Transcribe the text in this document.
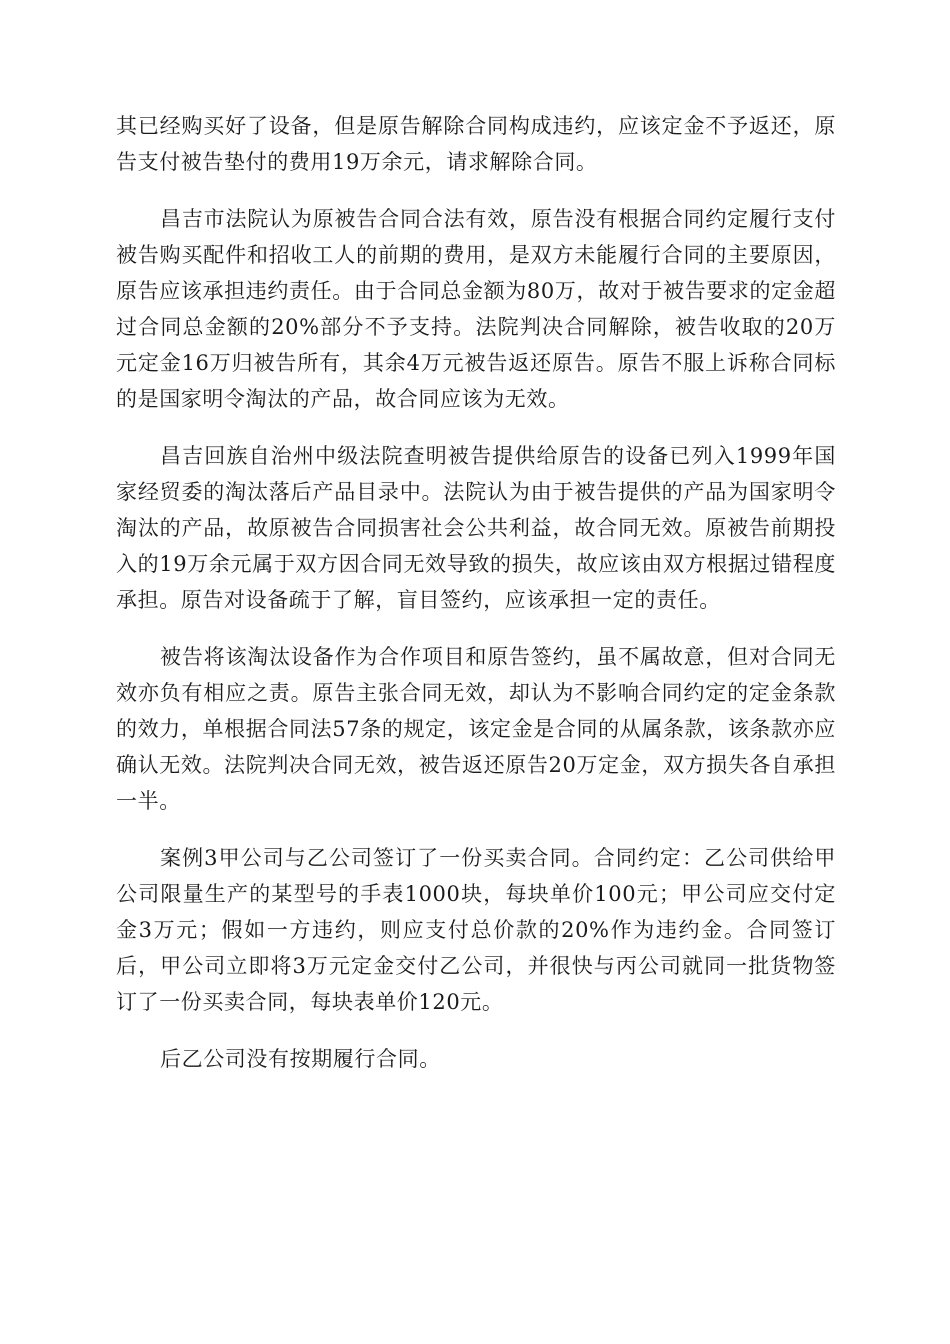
其已经购买好了设备，但是原告解除合同构成违约，应该定金不予返还，原告支付被告垫付的费用19万余元，请求解除合同。

昌吉市法院认为原被告合同合法有效，原告没有根据合同约定履行支付被告购买配件和招收工人的前期的费用，是双方未能履行合同的主要原因，原告应该承担违约责任。由于合同总金额为80万，故对于被告要求的定金超过合同总金额的20%部分不予支持。法院判决合同解除，被告收取的20万元定金16万归被告所有，其余4万元被告返还原告。原告不服上诉称合同标的是国家明令淘汰的产品，故合同应该为无效。

昌吉回族自治州中级法院查明被告提供给原告的设备已列入1999年国家经贸委的淘汰落后产品目录中。法院认为由于被告提供的产品为国家明令淘汰的产品，故原被告合同损害社会公共利益，故合同无效。原被告前期投入的19万余元属于双方因合同无效导致的损失，故应该由双方根据过错程度承担。原告对设备疏于了解，盲目签约，应该承担一定的责任。

被告将该淘汰设备作为合作项目和原告签约，虽不属故意，但对合同无效亦负有相应之责。原告主张合同无效，却认为不影响合同约定的定金条款的效力，单根据合同法57条的规定，该定金是合同的从属条款，该条款亦应确认无效。法院判决合同无效，被告返还原告20万定金，双方损失各自承担一半。

案例3甲公司与乙公司签订了一份买卖合同。合同约定：乙公司供给甲公司限量生产的某型号的手表1000块，每块单价100元；甲公司应交付定金3万元；假如一方违约，则应支付总价款的20%作为违约金。合同签订后，甲公司立即将3万元定金交付乙公司，并很快与丙公司就同一批货物签订了一份买卖合同，每块表单价120元。

后乙公司没有按期履行合同。
